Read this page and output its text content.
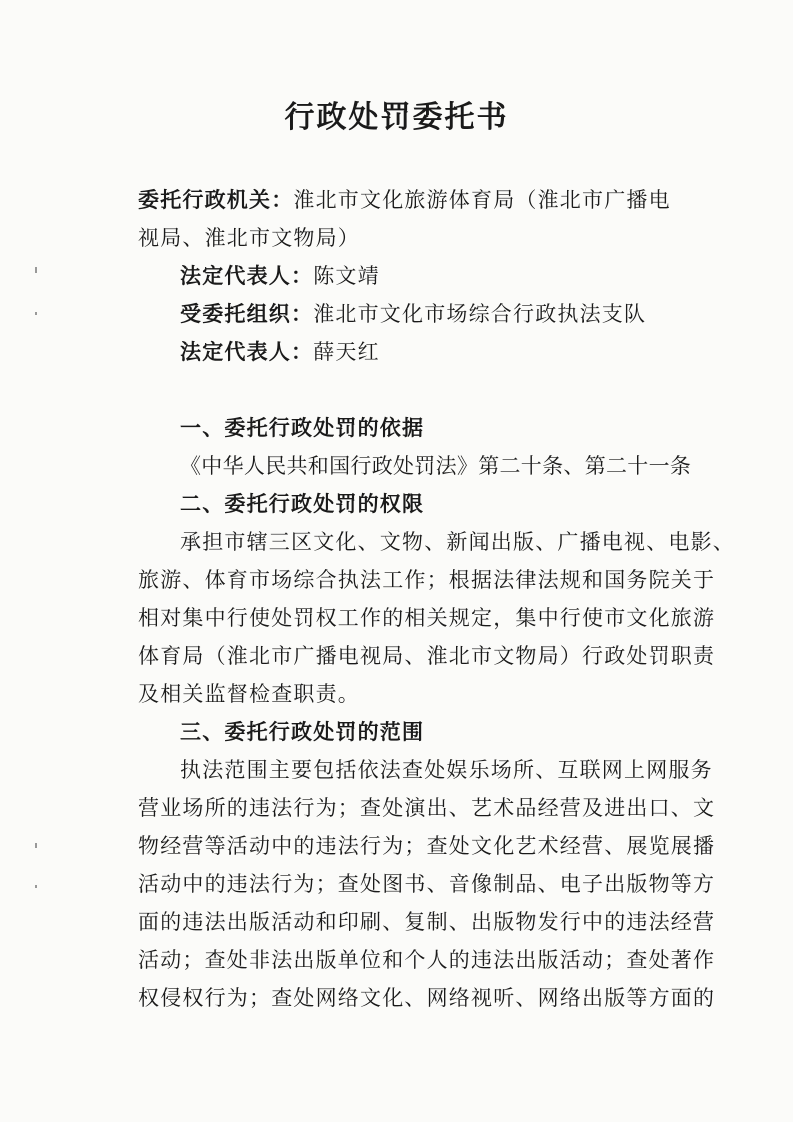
行政处罚委托书
委托行政机关：淮北市文化旅游体育局（淮北市广播电
视局、淮北市文物局）
法定代表人：陈文靖
受委托组织：淮北市文化市场综合行政执法支队
法定代表人：薛天红
一、委托行政处罚的依据
《中华人民共和国行政处罚法》第二十条、第二十一条
二、委托行政处罚的权限
承担市辖三区文化、文物、新闻出版、广播电视、电影、
旅游、体育市场综合执法工作；根据法律法规和国务院关于
相对集中行使处罚权工作的相关规定，集中行使市文化旅游
体育局（淮北市广播电视局、淮北市文物局）行政处罚职责
及相关监督检查职责。
三、委托行政处罚的范围
执法范围主要包括依法查处娱乐场所、互联网上网服务
营业场所的违法行为；查处演出、艺术品经营及进出口、文
物经营等活动中的违法行为；查处文化艺术经营、展览展播
活动中的违法行为；查处图书、音像制品、电子出版物等方
面的违法出版活动和印刷、复制、出版物发行中的违法经营
活动；查处非法出版单位和个人的违法出版活动；查处著作
权侵权行为；查处网络文化、网络视听、网络出版等方面的
